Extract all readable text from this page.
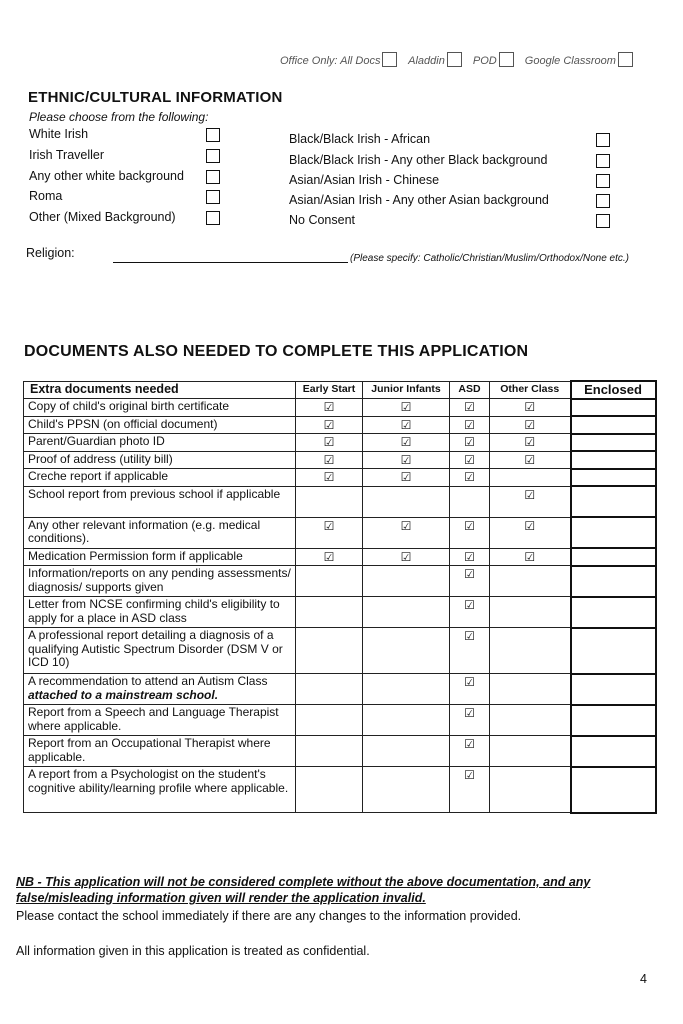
Office Only: All Docs	Aladdin	POD	Google Classroom
ETHNIC/CULTURAL INFORMATION
Please choose from the following:
White Irish
Irish Traveller
Any other white background
Roma
Other (Mixed Background)
Black/Black Irish - African
Black/Black Irish - Any other Black background
Asian/Asian Irish - Chinese
Asian/Asian Irish - Any other Asian background
No Consent
Religion:	(Please specify: Catholic/Christian/Muslim/Orthodox/None etc.)
DOCUMENTS ALSO NEEDED TO COMPLETE THIS APPLICATION
Extra documents needed	Early Start	Junior Infants	ASD	Other Class	Enclosed
Copy of child's original birth certificate	☑	☑	☑	☑	
Child's PPSN (on official document)	☑	☑	☑	☑	
Parent/Guardian photo ID	☑	☑	☑	☑	
Proof of address (utility bill)	☑	☑	☑	☑	
Creche report if applicable	☑	☑	☑		
School report from previous school if applicable				☑	
Any other relevant information (e.g. medical conditions).	☑	☑	☑	☑	
Medication Permission form if applicable	☑	☑	☑	☑	
Information/reports on any pending assessments/ diagnosis/ supports given			☑		
Letter from NCSE confirming child's eligibility to apply for a place in ASD class			☑		
A professional report detailing a diagnosis of a qualifying Autistic Spectrum Disorder (DSM V or ICD 10)			☑		
A recommendation to attend an Autism Class attached to a mainstream school.			☑		
Report from a Speech and Language Therapist where applicable.			☑		
Report from an Occupational Therapist where applicable.			☑		
A report from a Psychologist on the student's cognitive ability/learning profile where applicable.			☑		
NB - This application will not be considered complete without the above documentation, and any false/misleading information given will render the application invalid.
Please contact the school immediately if there are any changes to the information provided.
All information given in this application is treated as confidential.
4
